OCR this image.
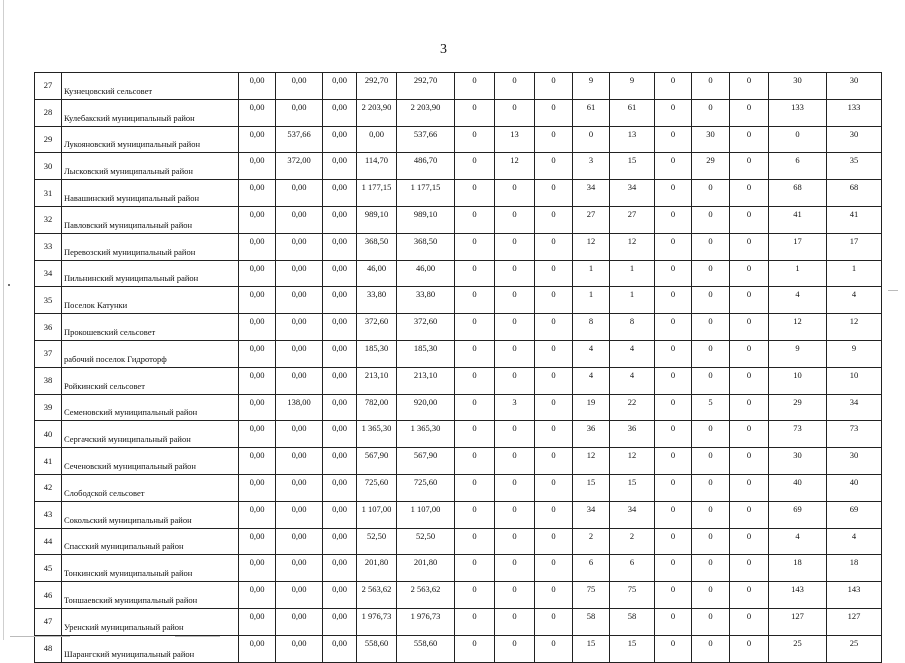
3
27	Кузнецовский сельсовет	0,00	0,00	0,00	292,70	292,70	0	0	0	9	9	0	0	0	30	30
28	Кулебакский муниципальный район	0,00	0,00	0,00	2 203,90	2 203,90	0	0	0	61	61	0	0	0	133	133
29	Лукояновский муниципальный район	0,00	537,66	0,00	0,00	537,66	0	13	0	0	13	0	30	0	0	30
30	Лысковский муниципальный район	0,00	372,00	0,00	114,70	486,70	0	12	0	3	15	0	29	0	6	35
31	Навашинский муниципальный район	0,00	0,00	0,00	1 177,15	1 177,15	0	0	0	34	34	0	0	0	68	68
32	Павловский муниципальный район	0,00	0,00	0,00	989,10	989,10	0	0	0	27	27	0	0	0	41	41
33	Перевозский муниципальный район	0,00	0,00	0,00	368,50	368,50	0	0	0	12	12	0	0	0	17	17
34	Пильнинский муниципальный район	0,00	0,00	0,00	46,00	46,00	0	0	0	1	1	0	0	0	1	1
35	Поселок Катунки	0,00	0,00	0,00	33,80	33,80	0	0	0	1	1	0	0	0	4	4
36	Прокошевский сельсовет	0,00	0,00	0,00	372,60	372,60	0	0	0	8	8	0	0	0	12	12
37	рабочий поселок Гидроторф	0,00	0,00	0,00	185,30	185,30	0	0	0	4	4	0	0	0	9	9
38	Ройкинский сельсовет	0,00	0,00	0,00	213,10	213,10	0	0	0	4	4	0	0	0	10	10
39	Семеновский муниципальный район	0,00	138,00	0,00	782,00	920,00	0	3	0	19	22	0	5	0	29	34
40	Сергачский муниципальный район	0,00	0,00	0,00	1 365,30	1 365,30	0	0	0	36	36	0	0	0	73	73
41	Сеченовский муниципальный район	0,00	0,00	0,00	567,90	567,90	0	0	0	12	12	0	0	0	30	30
42	Слободской сельсовет	0,00	0,00	0,00	725,60	725,60	0	0	0	15	15	0	0	0	40	40
43	Сокольский муниципальный район	0,00	0,00	0,00	1 107,00	1 107,00	0	0	0	34	34	0	0	0	69	69
44	Спасский муниципальный район	0,00	0,00	0,00	52,50	52,50	0	0	0	2	2	0	0	0	4	4
45	Тонкинский муниципальный район	0,00	0,00	0,00	201,80	201,80	0	0	0	6	6	0	0	0	18	18
46	Тоншаевский муниципальный район	0,00	0,00	0,00	2 563,62	2 563,62	0	0	0	75	75	0	0	0	143	143
47	Уренский муниципальный район	0,00	0,00	0,00	1 976,73	1 976,73	0	0	0	58	58	0	0	0	127	127
48	Шарангский муниципальный район	0,00	0,00	0,00	558,60	558,60	0	0	0	15	15	0	0	0	25	25
